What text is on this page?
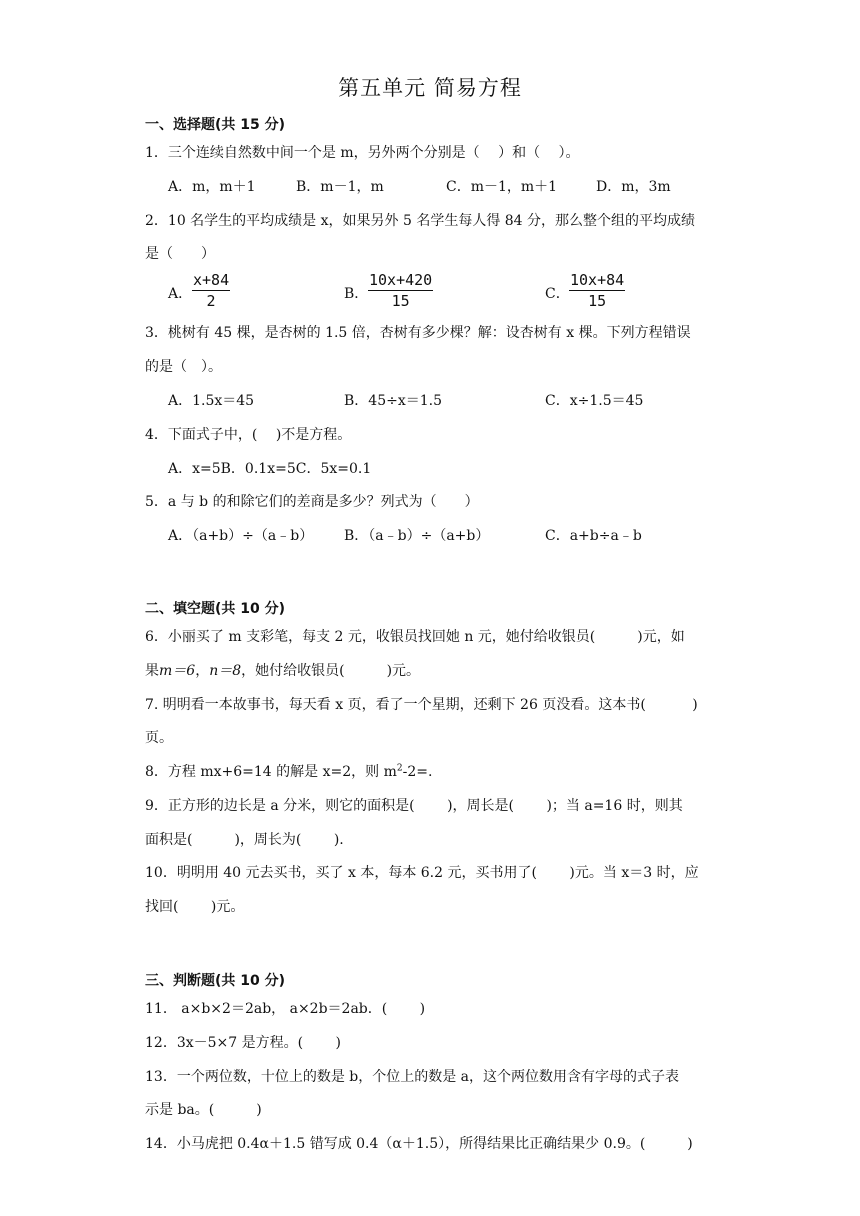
第五单元 简易方程
一、选择题(共 15 分)
1．三个连续自然数中间一个是 m，另外两个分别是（　 ）和（　 ）。
A．m，m＋1	B．m－1，m	C．m－1，m＋1	D．m，3m
2．10 名学生的平均成绩是 x，如果另外 5 名学生每人得 84 分，那么整个组的平均成绩
是（　　）
A． $\frac{x+84}{2}$	B． $\frac{10x+420}{15}$	C． $\frac{10x+84}{15}$
3．桃树有 45 棵，是杏树的 1.5 倍，杏树有多少棵？解：设杏树有 x 棵。下列方程错误
的是（　）。
A．1.5x＝45	B．45÷x＝1.5	C．x÷1.5＝45
4．下面式子中，(　 )不是方程。
A．x=5B．0.1x=5C．5x=0.1
5．a 与 b 的和除它们的差商是多少？列式为（　　）
A．（a+b）÷（a﹣b） B．（a﹣b）÷（a+b）	C．a+b÷a﹣b
二、填空题(共 10 分)
6．小丽买了 m 支彩笔，每支 2 元，收银员找回她 n 元，她付给收银员(　　　)元，如
果m＝6，n＝8，她付给收银员(　　　)元。
7. 明明看一本故事书，每天看 x 页，看了一个星期，还剩下 26 页没看。这本书(　　　 )
页。
8．方程 mx+6=14 的解是 x=2，则 $m^2-2=$.
9．正方形的边长是 a 分米，则它的面积是(　　 )，周长是(　　 )；当 a=16 时，则其
面积是(　　　)，周长为(　　 ).
10．明明用 40 元去买书，买了 x 本，每本 6.2 元，买书用了(　　 )元。当 x＝3 时，应
找回(　　 )元。
三、判断题(共 10 分)
11． a×b×2＝2ab， a×2b＝2ab．(　　 )
12．3x－5×7 是方程。(　　 )
13．一个两位数，十位上的数是 b，个位上的数是 a，这个两位数用含有字母的式子表
示是 ba。(　　　)
14．小马虎把 0.4α＋1.5 错写成 0.4（α＋1.5），所得结果比正确结果少 0.9。(　　　)
